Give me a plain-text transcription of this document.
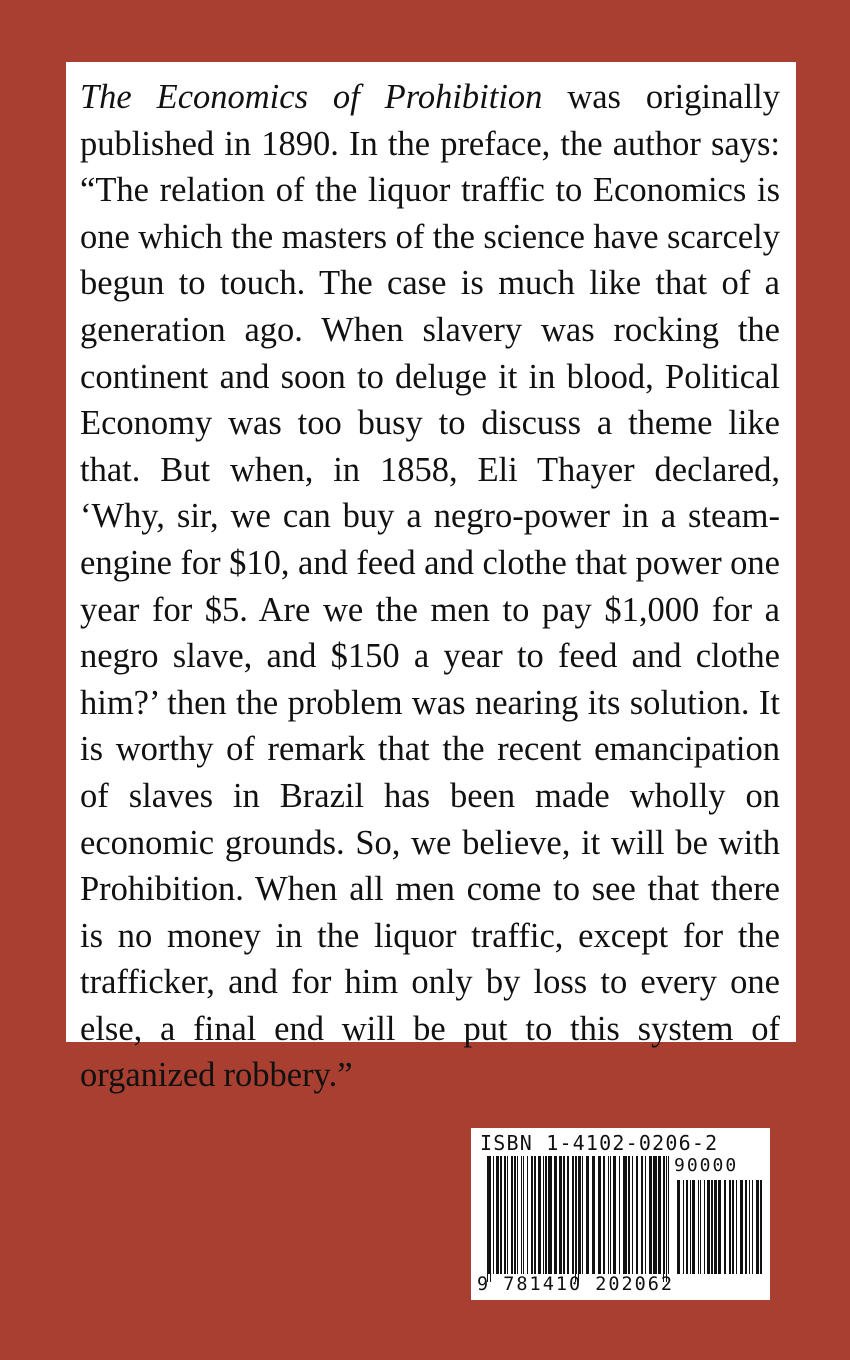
The Economics of Prohibition was originally published in 1890. In the preface, the author says: “The relation of the liquor traffic to Economics is one which the masters of the science have scarcely begun to touch. The case is much like that of a generation ago. When slavery was rocking the continent and soon to deluge it in blood, Political Economy was too busy to discuss a theme like that. But when, in 1858, Eli Thayer declared, ‘Why, sir, we can buy a negro-power in a steam-engine for $10, and feed and clothe that power one year for $5. Are we the men to pay $1,000 for a negro slave, and $150 a year to feed and clothe him?’ then the problem was nearing its solution. It is worthy of remark that the recent emancipation of slaves in Brazil has been made wholly on economic grounds. So, we believe, it will be with Prohibition. When all men come to see that there is no money in the liquor traffic, except for the trafficker, and for him only by loss to every one else, a final end will be put to this system of organized robbery.”

ISBN 1-4102-0206-2
90000
9 781410 202062
